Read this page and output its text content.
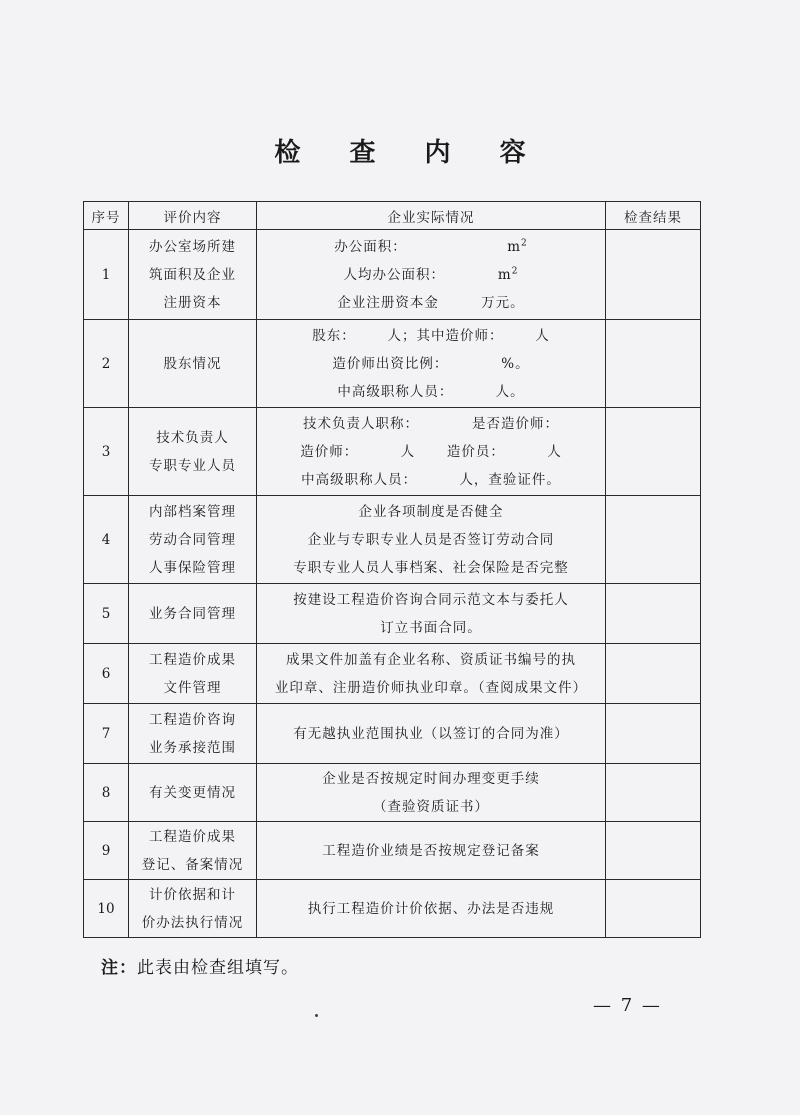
检 查 内 容
序号	评价内容	企业实际情况	检查结果
1	办公室场所建
筑面积及企业
注册资本	办公面积：                   $m^2$
人均办公面积：          $m^2$
企业注册资本金        万元。	

2	股东情况	股东：      人；其中造价师：      人
造价师出资比例：          %。
中高级职称人员：        人。	

3	技术负责人
专职专业人员	技术负责人职称：          是否造价师：
造价师：        人      造价员：        人
中高级职称人员：        人，查验证件。	

4	内部档案管理
劳动合同管理
人事保险管理	企业各项制度是否健全
企业与专职专业人员是否签订劳动合同
专职专业人员人事档案、社会保险是否完整	

5	业务合同管理	按建设工程造价咨询合同示范文本与委托人
订立书面合同。	

6	工程造价成果
文件管理	成果文件加盖有企业名称、资质证书编号的执
业印章、注册造价师执业印章。（查阅成果文件）	

7	工程造价咨询
业务承接范围	有无越执业范围执业（以签订的合同为准）	

8	有关变更情况	企业是否按规定时间办理变更手续
（查验资质证书）	

9	工程造价成果
登记、备案情况	工程造价业绩是否按规定登记备案	

10	计价依据和计
价办法执行情况	执行工程造价计价依据、办法是否违规	

注：此表由检查组填写。
— 7 —
